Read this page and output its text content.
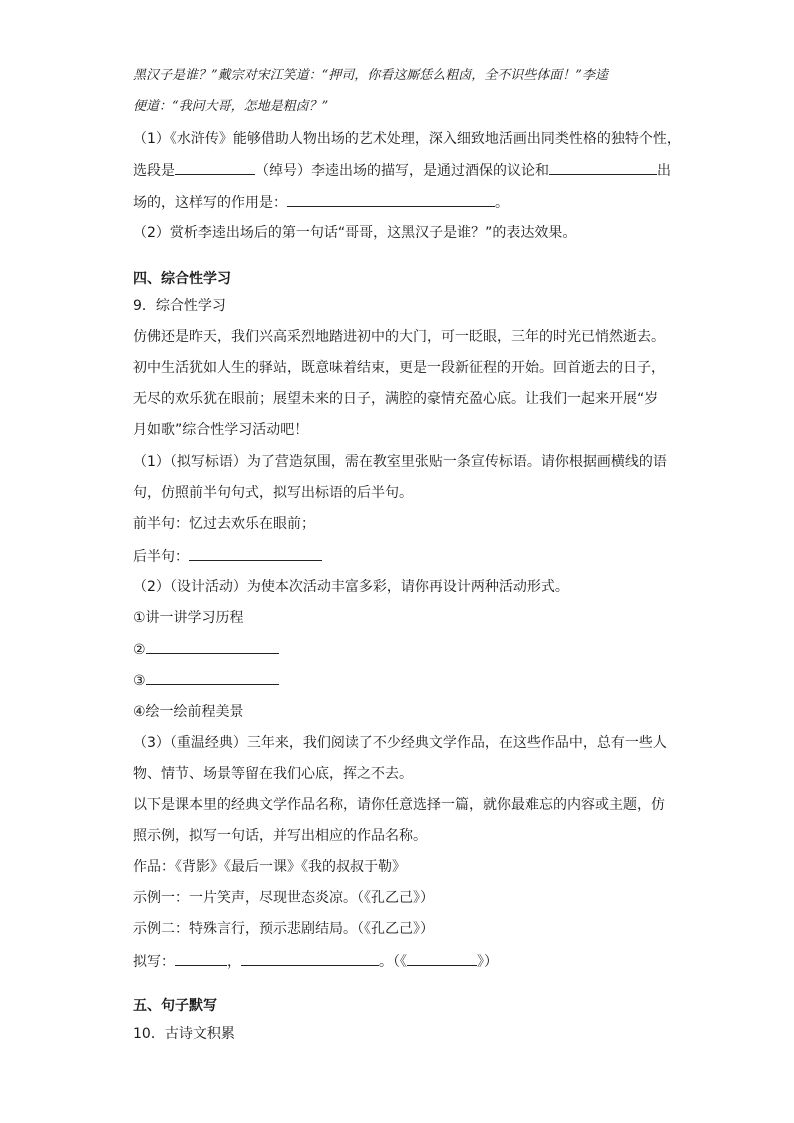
黑汉子是谁？”戴宗对宋江笑道：“押司，你看这厮恁么粗卤，全不识些体面！”李逵
便道：“我问大哥，怎地是粗卤？”
（1）《水浒传》能够借助人物出场的艺术处理，深入细致地活画出同类性格的独特个性，
选段是	（绰号）李逵出场的描写，是通过酒保的议论和	出
场的，这样写的作用是：	。
（2）赏析李逵出场后的第一句话“哥哥，这黑汉子是谁？”的表达效果。
四、综合性学习
9．综合性学习
仿佛还是昨天，我们兴高采烈地踏进初中的大门，可一眨眼，三年的时光已悄然逝去。
初中生活犹如人生的驿站，既意味着结束，更是一段新征程的开始。回首逝去的日子，
无尽的欢乐犹在眼前；展望未来的日子，满腔的豪情充盈心底。让我们一起来开展“岁
月如歌”综合性学习活动吧！
（1）（拟写标语）为了营造氛围，需在教室里张贴一条宣传标语。请你根据画横线的语
句，仿照前半句句式，拟写出标语的后半句。
前半句：忆过去欢乐在眼前；
后半句：
（2）（设计活动）为使本次活动丰富多彩，请你再设计两种活动形式。
①讲一讲学习历程
②
③
④绘一绘前程美景
（3）（重温经典）三年来，我们阅读了不少经典文学作品，在这些作品中，总有一些人
物、情节、场景等留在我们心底，挥之不去。
以下是课本里的经典文学作品名称，请你任意选择一篇，就你最难忘的内容或主题，仿
照示例，拟写一句话，并写出相应的作品名称。
作品：《背影》《最后一课》《我的叔叔于勒》
示例一：一片笑声，尽现世态炎凉。（《孔乙己》）
示例二：特殊言行，预示悲剧结局。（《孔乙己》）
拟写：	，	。（《	》）
五、句子默写
10．古诗文积累
